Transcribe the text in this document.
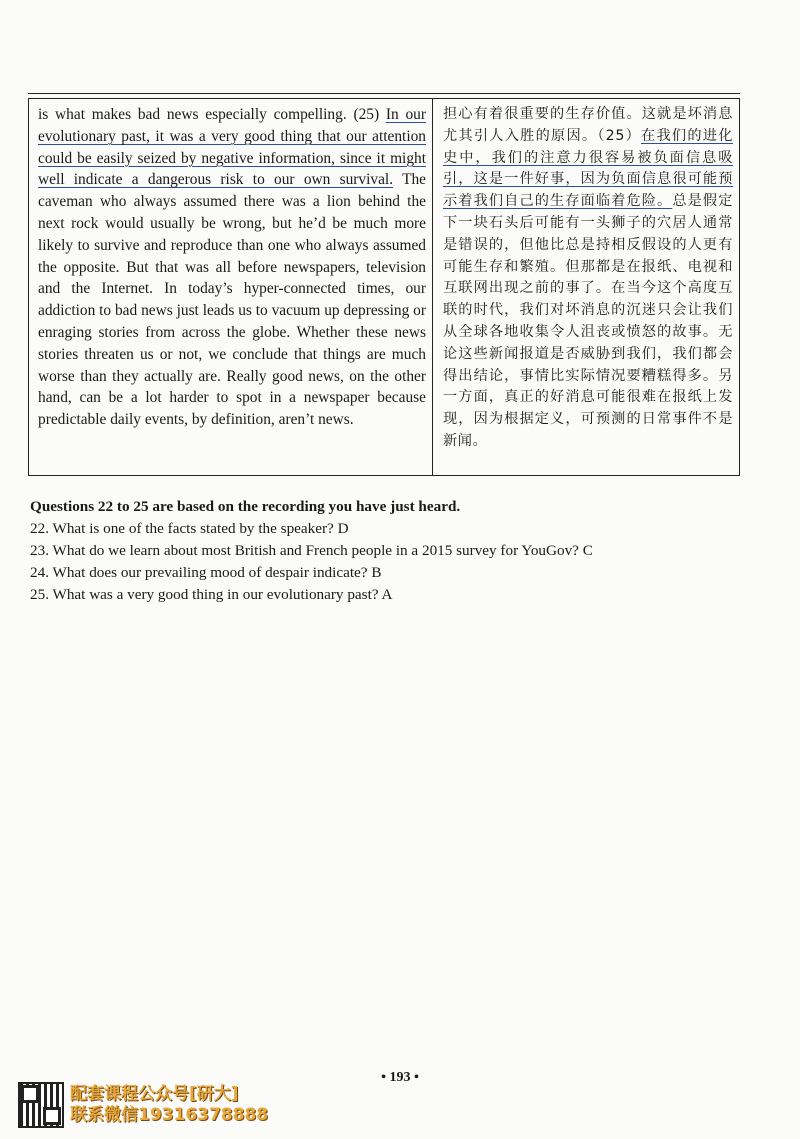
is what makes bad news especially compelling. (25) In our evolutionary past, it was a very good thing that our attention could be easily seized by negative information, since it might well indicate a dangerous risk to our own survival. The caveman who always assumed there was a lion behind the next rock would usually be wrong, but he’d be much more likely to survive and reproduce than one who always assumed the opposite. But that was all before newspapers, television and the Internet. In today’s hyper-connected times, our addiction to bad news just leads us to vacuum up depressing or enraging stories from across the globe. Whether these news stories threaten us or not, we conclude that things are much worse than they actually are. Really good news, on the other hand, can be a lot harder to spot in a newspaper because predictable daily events, by definition, aren’t news.
担心有着很重要的生存价值。这就是坏消息尤其引人入胜的原因。（25）在我们的进化史中，我们的注意力很容易被负面信息吸引，这是一件好事，因为负面信息很可能预示着我们自己的生存面临着危险。总是假定下一块石头后可能有一头狮子的穴居人通常是错误的，但他比总是持相反假设的人更有可能生存和繁殖。但那都是在报纸、电视和互联网出现之前的事了。在当今这个高度互联的时代，我们对坏消息的沉迷只会让我们从全球各地收集令人沮丧或愤怒的故事。无论这些新闻报道是否威胁到我们，我们都会得出结论，事情比实际情况要糟糕得多。另一方面，真正的好消息可能很难在报纸上发现，因为根据定义，可预测的日常事件不是新闻。
Questions 22 to 25 are based on the recording you have just heard.
22. What is one of the facts stated by the speaker? D
23. What do we learn about most British and French people in a 2015 survey for YouGov? C
24. What does our prevailing mood of despair indicate? B
25. What was a very good thing in our evolutionary past? A
• 193 •
配套课程公众号[研大]
联系微信19316378888
